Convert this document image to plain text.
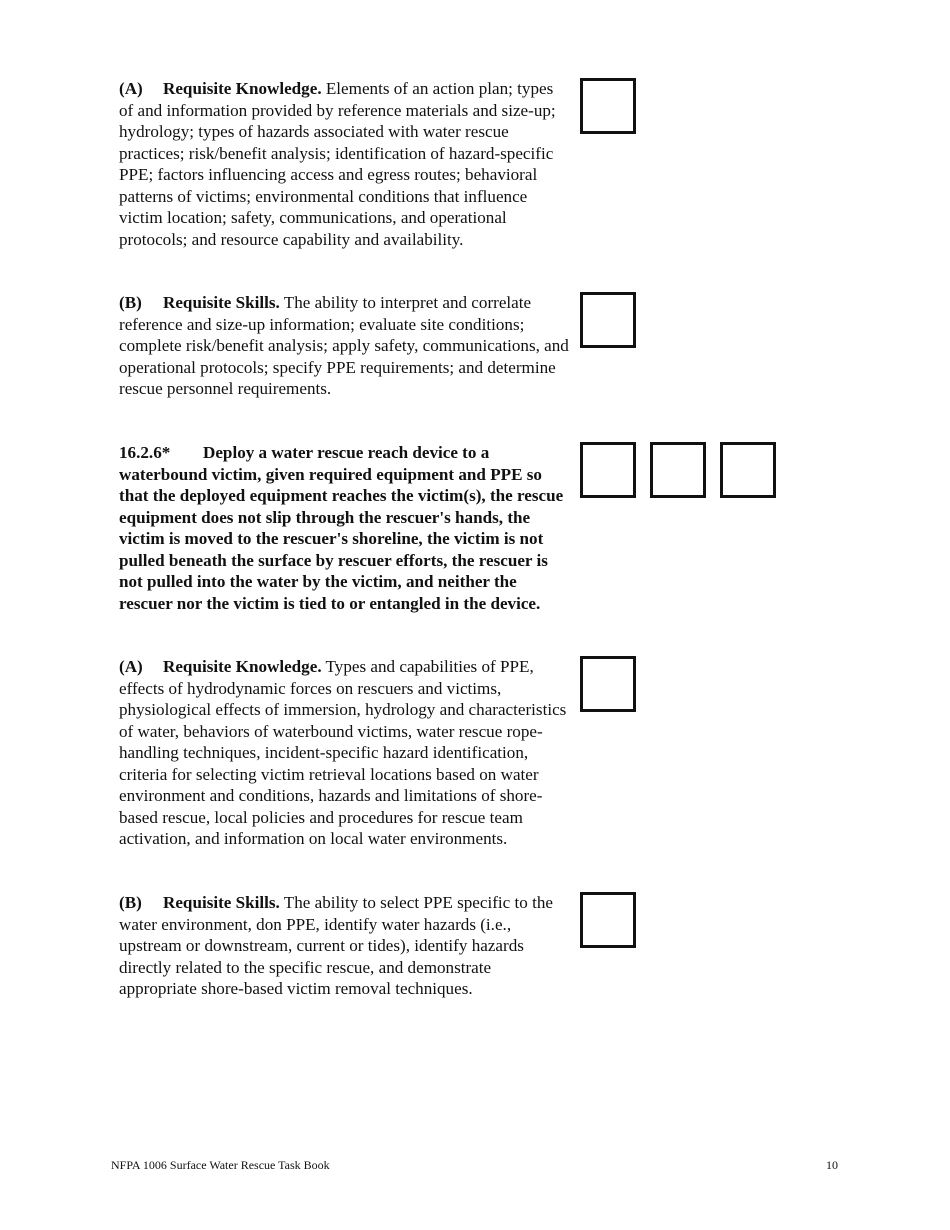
(A) Requisite Knowledge. Elements of an action plan; types of and information provided by reference materials and size-up; hydrology; types of hazards associated with water rescue practices; risk/benefit analysis; identification of hazard-specific PPE; factors influencing access and egress routes; behavioral patterns of victims; environmental conditions that influence victim location; safety, communications, and operational protocols; and resource capability and availability.

(B) Requisite Skills. The ability to interpret and correlate reference and size-up information; evaluate site conditions; complete risk/benefit analysis; apply safety, communications, and operational protocols; specify PPE requirements; and determine rescue personnel requirements.

16.2.6* Deploy a water rescue reach device to a waterbound victim, given required equipment and PPE so that the deployed equipment reaches the victim(s), the rescue equipment does not slip through the rescuer's hands, the victim is moved to the rescuer's shoreline, the victim is not pulled beneath the surface by rescuer efforts, the rescuer is not pulled into the water by the victim, and neither the rescuer nor the victim is tied to or entangled in the device.

(A) Requisite Knowledge. Types and capabilities of PPE, effects of hydrodynamic forces on rescuers and victims, physiological effects of immersion, hydrology and characteristics of water, behaviors of waterbound victims, water rescue rope-handling techniques, incident-specific hazard identification, criteria for selecting victim retrieval locations based on water environment and conditions, hazards and limitations of shore-based rescue, local policies and procedures for rescue team activation, and information on local water environments.

(B) Requisite Skills. The ability to select PPE specific to the water environment, don PPE, identify water hazards (i.e., upstream or downstream, current or tides), identify hazards directly related to the specific rescue, and demonstrate appropriate shore-based victim removal techniques.

NFPA 1006 Surface Water Rescue Task Book	10
